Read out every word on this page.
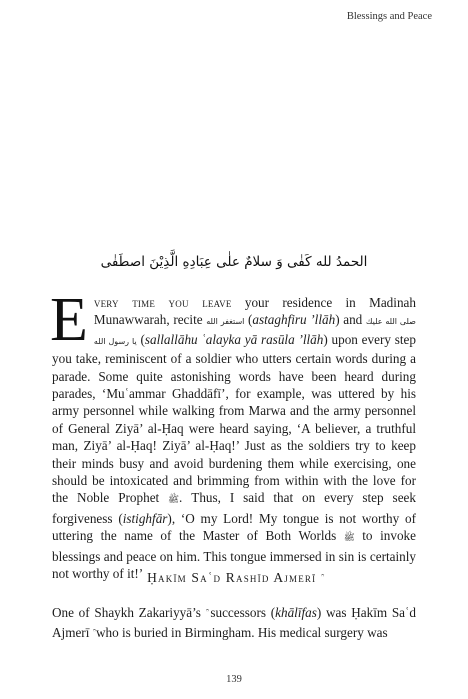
Blessings and Peace
الحمدُ لله كَفٰى وَ سلامٌ علٰى عِبَادِهِ الَّذِيْنَ اصطَفٰى

Every time you leave your residence in Madinah Munawwarah, recite استغفر الله (astaghfiru ’llāh) and صلى الله عليك يا رسول الله (sallallāhu ʿalayka yā rasūla ’llāh) upon every step you take, reminiscent of a soldier who utters certain words during a parade. Some quite astonishing words have been heard during parades, ‘Muʿammar Ghaddāfī’, for example, was uttered by his army personnel while walking from Marwa and the army personnel of General Ziyā’ al-Ḥaq were heard saying, ‘A believer, a truthful man, Ziyā’ al-Ḥaq! Ziyā’ al-Ḥaq!’ Just as the soldiers try to keep their minds busy and avoid burdening them while exercising, one should be intoxicated and brimming from within with the love for the Noble Prophet ﷺ. Thus, I said that on every step seek forgiveness (istighfār), ‘O my Lord! My tongue is not worthy of uttering the name of the Master of Both Worlds ﷺ to invoke blessings and peace on him. This tongue immersed in sin is certainly not worthy of it!’ Ḥakīm Saʿd Rashīd Ajmerī

One of Shaykh Zakariyyā’s successors (khālīfas) was Ḥakīm Saʿd Ajmerī who is buried in Birmingham. His medical surgery was

139
